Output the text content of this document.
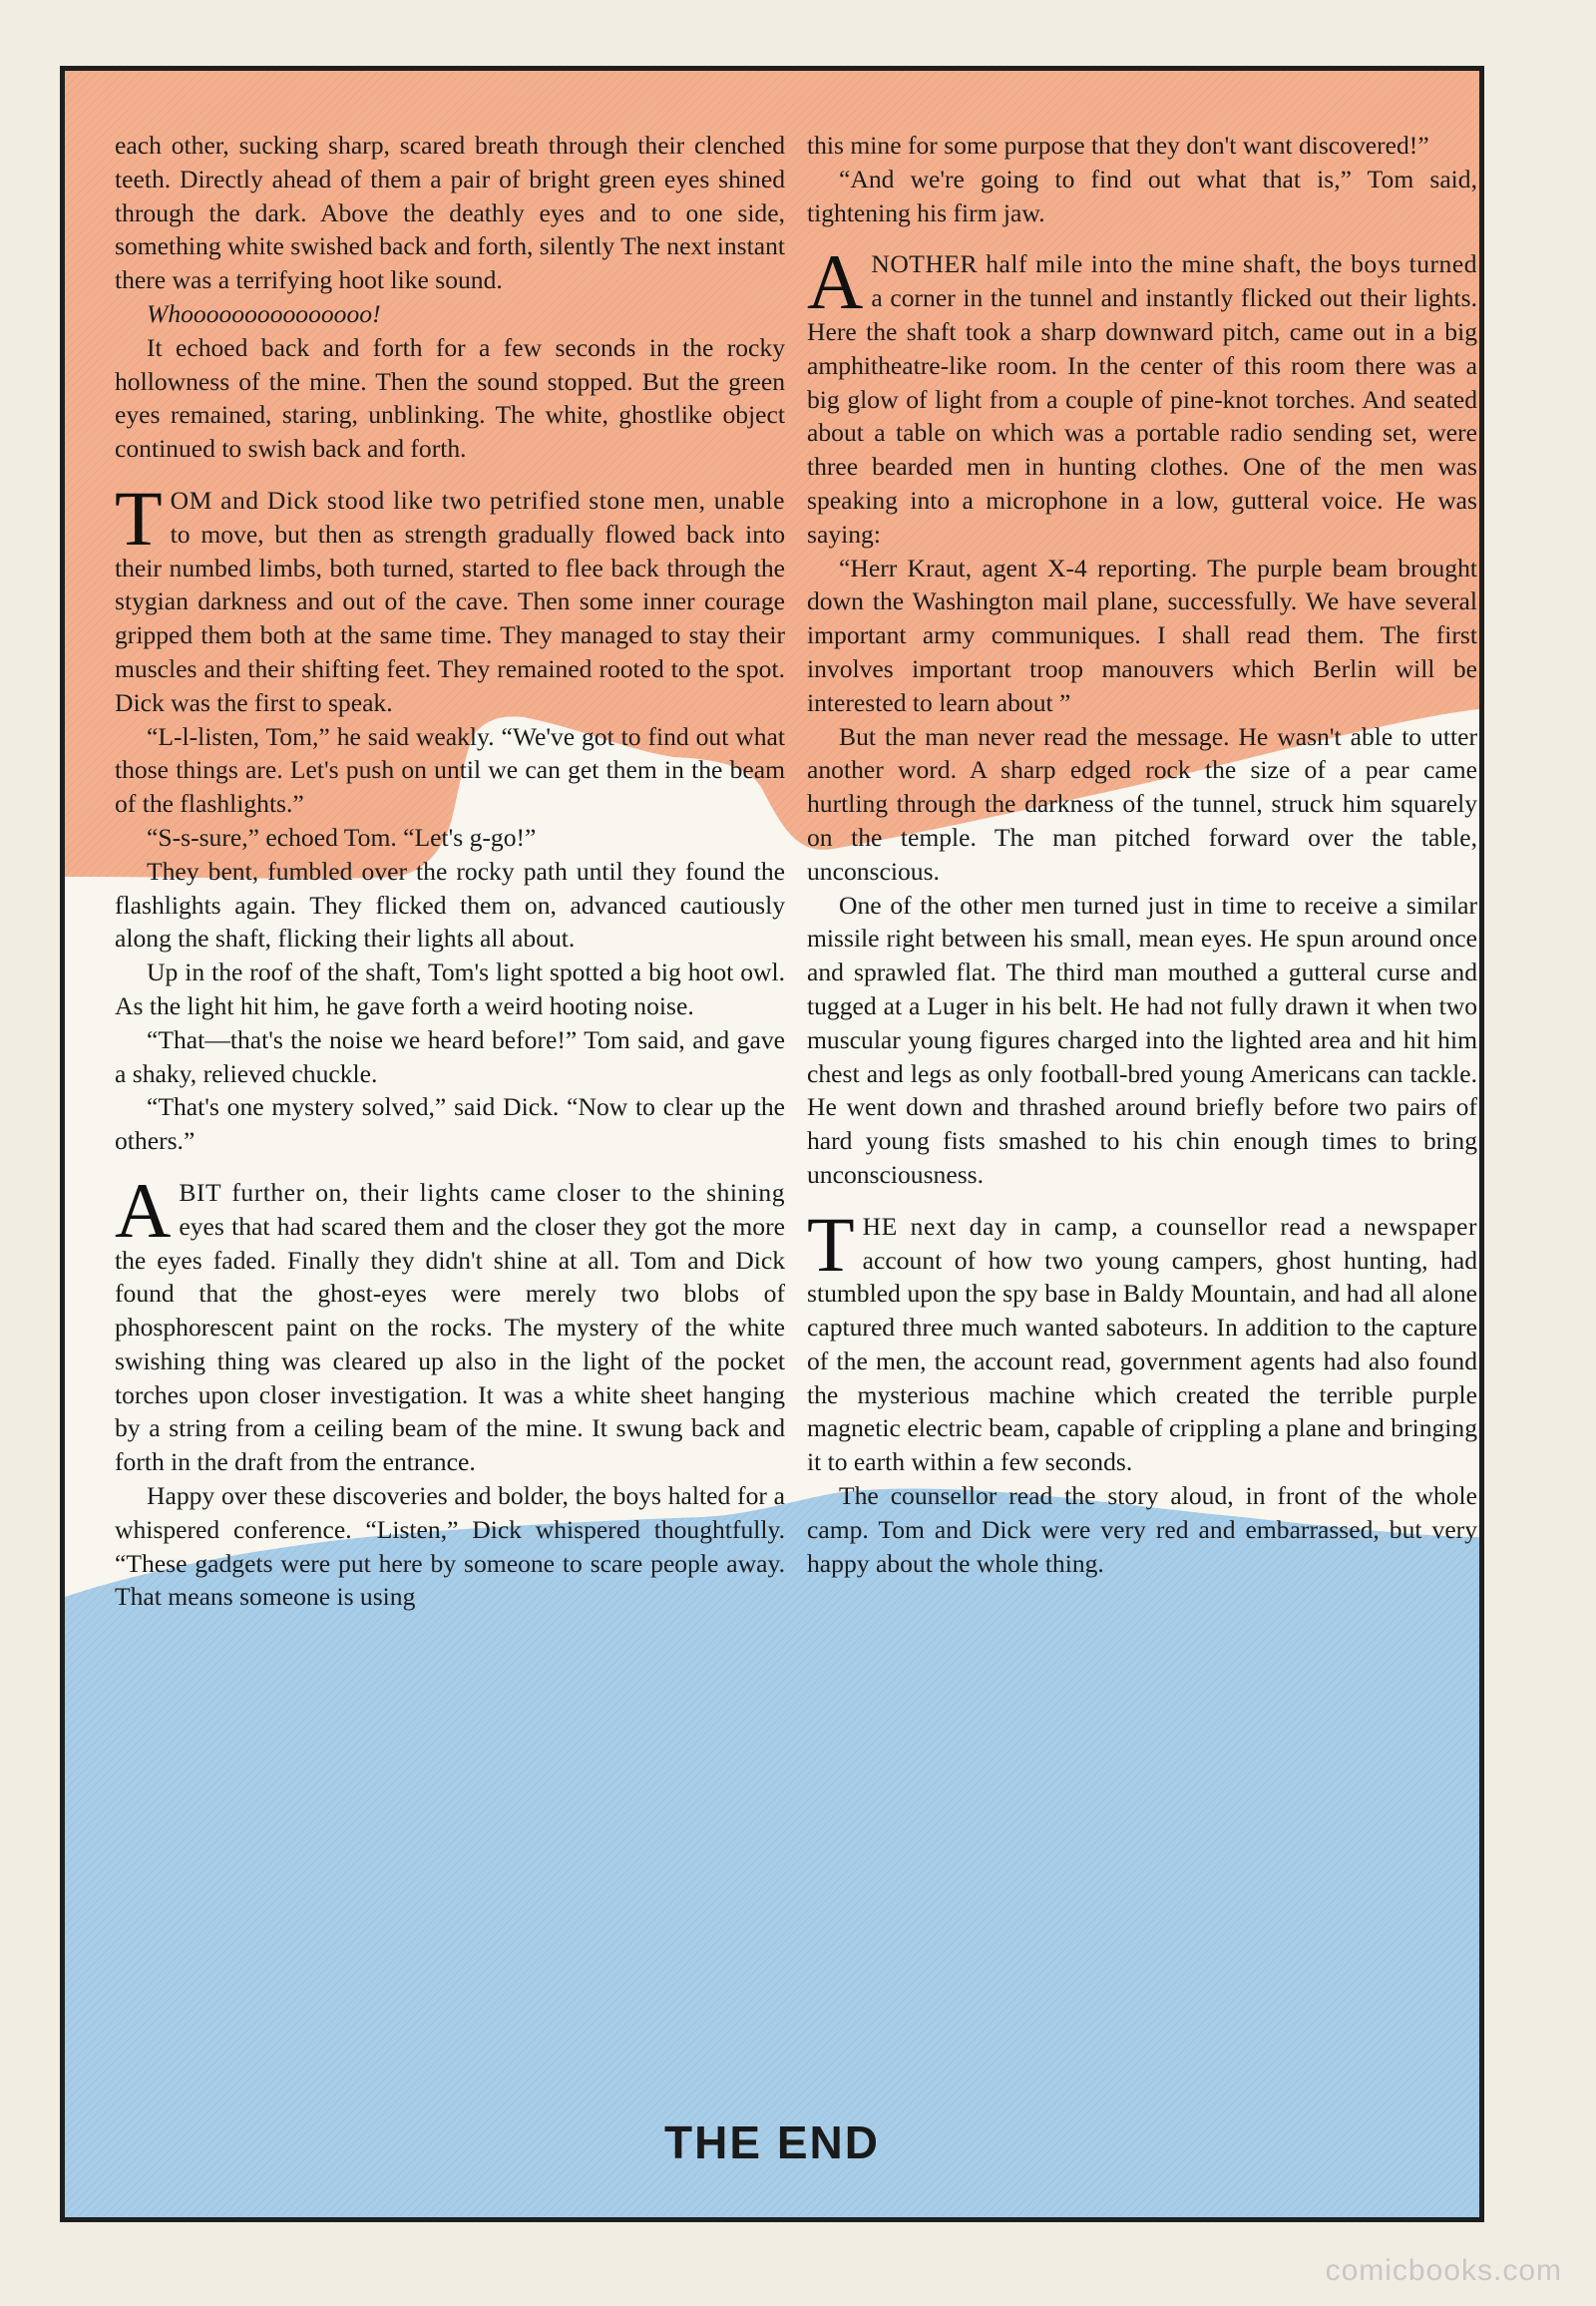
each other, sucking sharp, scared breath through their clenched teeth. Directly ahead of them a pair of bright green eyes shined through the dark. Above the deathly eyes and to one side, something white swished back and forth, silently The next instant there was a terrifying hoot like sound.

Whooooooooooooooo!

It echoed back and forth for a few seconds in the rocky hollowness of the mine. Then the sound stopped. But the green eyes remained, staring, unblinking. The white, ghostlike object continued to swish back and forth.

TOM and Dick stood like two petrified stone men, unable to move, but then as strength gradually flowed back into their numbed limbs, both turned, started to flee back through the stygian darkness and out of the cave. Then some inner courage gripped them both at the same time. They managed to stay their muscles and their shifting feet. They remained rooted to the spot. Dick was the first to speak.

“L-l-listen, Tom,” he said weakly. “We've got to find out what those things are. Let's push on until we can get them in the beam of the flashlights.”

“S-s-sure,” echoed Tom. “Let's g-go!”

They bent, fumbled over the rocky path until they found the flashlights again. They flicked them on, advanced cautiously along the shaft, flicking their lights all about.

Up in the roof of the shaft, Tom's light spotted a big hoot owl. As the light hit him, he gave forth a weird hooting noise.

“That—that's the noise we heard before!” Tom said, and gave a shaky, relieved chuckle.

“That's one mystery solved,” said Dick. “Now to clear up the others.”

ABIT further on, their lights came closer to the shining eyes that had scared them and the closer they got the more the eyes faded. Finally they didn't shine at all. Tom and Dick found that the ghost-eyes were merely two blobs of phosphorescent paint on the rocks. The mystery of the white swishing thing was cleared up also in the light of the pocket torches upon closer investigation. It was a white sheet hanging by a string from a ceiling beam of the mine. It swung back and forth in the draft from the entrance.

Happy over these discoveries and bolder, the boys halted for a whispered conference. “Listen,” Dick whispered thoughtfully. “These gadgets were put here by someone to scare people away. That means someone is using

this mine for some purpose that they don't want discovered!”

“And we're going to find out what that is,” Tom said, tightening his firm jaw.

ANOTHER half mile into the mine shaft, the boys turned a corner in the tunnel and instantly flicked out their lights. Here the shaft took a sharp downward pitch, came out in a big amphitheatre-like room. In the center of this room there was a big glow of light from a couple of pine-knot torches. And seated about a table on which was a portable radio sending set, were three bearded men in hunting clothes. One of the men was speaking into a microphone in a low, gutteral voice. He was saying:

“Herr Kraut, agent X-4 reporting. The purple beam brought down the Washington mail plane, successfully. We have several important army communiques. I shall read them. The first involves important troop manouvers which Berlin will be interested to learn about ”

But the man never read the message. He wasn't able to utter another word. A sharp edged rock the size of a pear came hurtling through the darkness of the tunnel, struck him squarely on the temple. The man pitched forward over the table, unconscious.

One of the other men turned just in time to receive a similar missile right between his small, mean eyes. He spun around once and sprawled flat. The third man mouthed a gutteral curse and tugged at a Luger in his belt. He had not fully drawn it when two muscular young figures charged into the lighted area and hit him chest and legs as only football-bred young Americans can tackle. He went down and thrashed around briefly before two pairs of hard young fists smashed to his chin enough times to bring unconsciousness.

THE next day in camp, a counsellor read a newspaper account of how two young campers, ghost hunting, had stumbled upon the spy base in Baldy Mountain, and had all alone captured three much wanted saboteurs. In addition to the capture of the men, the account read, government agents had also found the mysterious machine which created the terrible purple magnetic electric beam, capable of crippling a plane and bringing it to earth within a few seconds.

The counsellor read the story aloud, in front of the whole camp. Tom and Dick were very red and embarrassed, but very happy about the whole thing.

THE END
comicbooks.com
